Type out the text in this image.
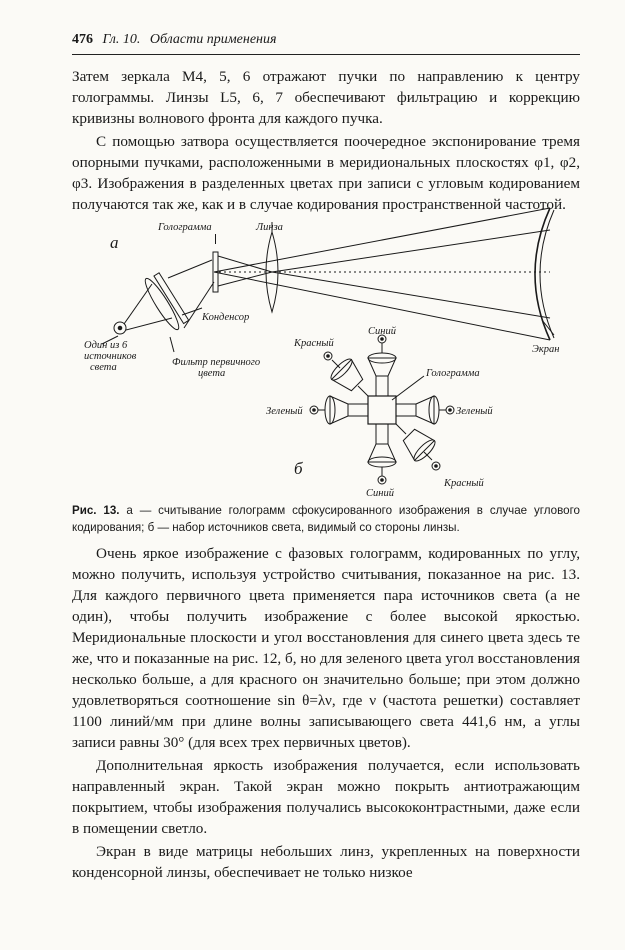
476 Гл. 10. Области применения

Затем зеркала M4, 5, 6 отражают пучки по направлению к центру голограммы. Линзы L5, 6, 7 обеспечивают фильтрацию и коррекцию кривизны волнового фронта для каждого пучка.

С помощью затвора осуществляется поочередное экспонирование тремя опорными пучками, расположенными в меридиональных плоскостях φ1, φ2, φ3. Изображения в разделенных цветах при записи с угловым кодированием получаются так же, как и в случае кодирования пространственной частотой.

а
Голограмма	Линза
Конденсор
Один из 6
источников
света	Фильтр первичного
цвета
Экран
б
Красный
Синий
Голограмма
Зеленый	Зеленый
Синий
Красный
Рис. 13. а — считывание голограмм сфокусированного изображения в случае углового кодирования; б — набор источников света, видимый со стороны линзы.

Очень яркое изображение с фазовых голограмм, кодированных по углу, можно получить, используя устройство считывания, показанное на рис. 13. Для каждого первичного цвета применяется пара источников света (а не один), чтобы получить изображение с более высокой яркостью. Меридиональные плоскости и угол восстановления для синего цвета здесь те же, что и показанные на рис. 12, б, но для зеленого цвета угол восстановления несколько больше, а для красного он значительно больше; при этом должно удовлетворяться соотношение sin θ=λν, где ν (частота решетки) составляет 1100 линий/мм при длине волны записывающего света 441,6 нм, а углы записи равны 30° (для всех трех первичных цветов).

Дополнительная яркость изображения получается, если использовать направленный экран. Такой экран можно покрыть антиотражающим покрытием, чтобы изображения получались высококонтрастными, даже если в помещении светло.

Экран в виде матрицы небольших линз, укрепленных на поверхности конденсорной линзы, обеспечивает не только низкое
